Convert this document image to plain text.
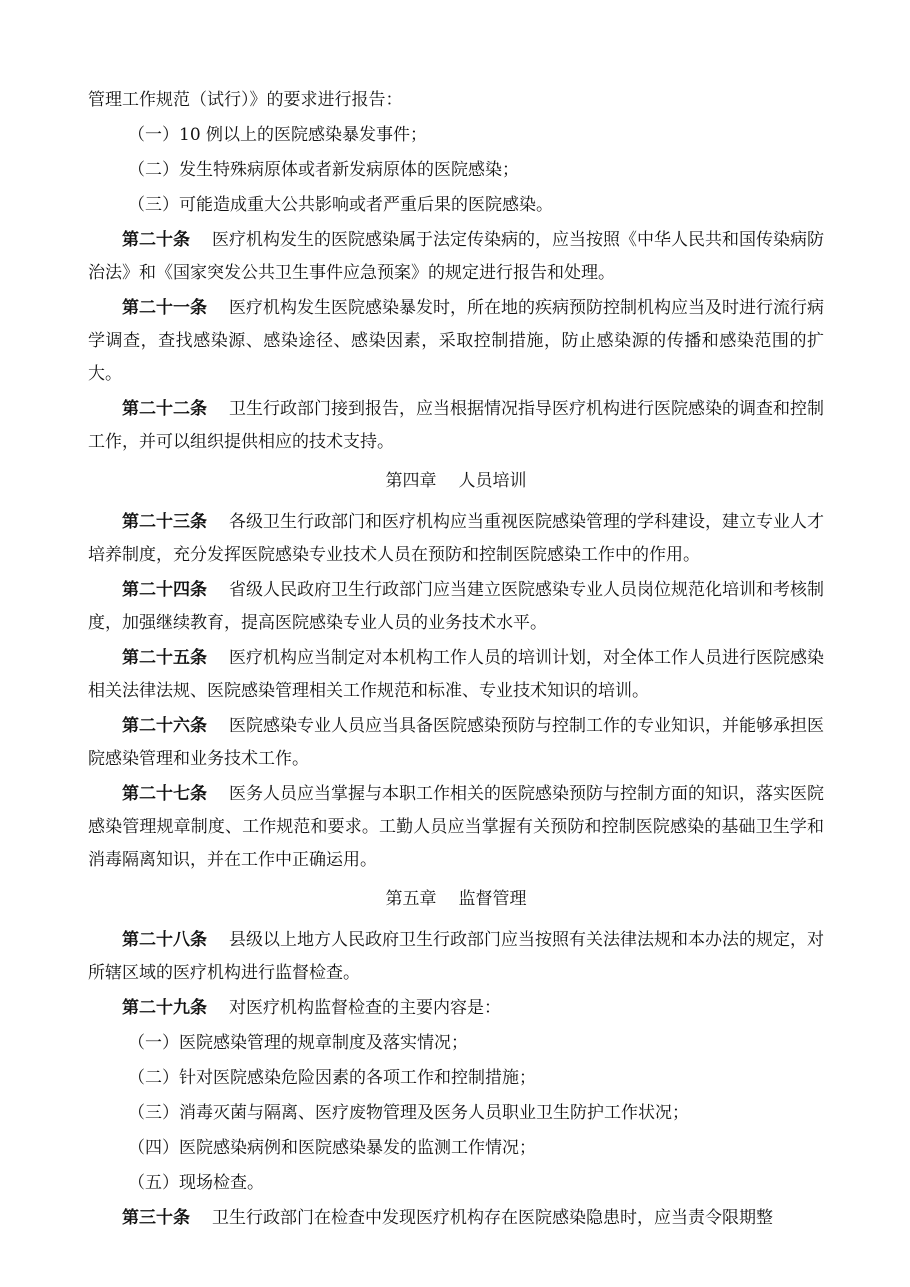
管理工作规范（试行）》的要求进行报告：

（一）10 例以上的医院感染暴发事件；

（二）发生特殊病原体或者新发病原体的医院感染；

（三）可能造成重大公共影响或者严重后果的医院感染。

第二十条 医疗机构发生的医院感染属于法定传染病的，应当按照《中华人民共和国传染病防治法》和《国家突发公共卫生事件应急预案》的规定进行报告和处理。

第二十一条 医疗机构发生医院感染暴发时，所在地的疾病预防控制机构应当及时进行流行病学调查，查找感染源、感染途径、感染因素，采取控制措施，防止感染源的传播和感染范围的扩大。

第二十二条 卫生行政部门接到报告，应当根据情况指导医疗机构进行医院感染的调查和控制工作，并可以组织提供相应的技术支持。

第四章 人员培训

第二十三条 各级卫生行政部门和医疗机构应当重视医院感染管理的学科建设，建立专业人才培养制度，充分发挥医院感染专业技术人员在预防和控制医院感染工作中的作用。

第二十四条 省级人民政府卫生行政部门应当建立医院感染专业人员岗位规范化培训和考核制度，加强继续教育，提高医院感染专业人员的业务技术水平。

第二十五条 医疗机构应当制定对本机构工作人员的培训计划，对全体工作人员进行医院感染相关法律法规、医院感染管理相关工作规范和标准、专业技术知识的培训。

第二十六条 医院感染专业人员应当具备医院感染预防与控制工作的专业知识，并能够承担医院感染管理和业务技术工作。

第二十七条 医务人员应当掌握与本职工作相关的医院感染预防与控制方面的知识，落实医院感染管理规章制度、工作规范和要求。工勤人员应当掌握有关预防和控制医院感染的基础卫生学和消毒隔离知识，并在工作中正确运用。

第五章 监督管理

第二十八条 县级以上地方人民政府卫生行政部门应当按照有关法律法规和本办法的规定，对所辖区域的医疗机构进行监督检查。

第二十九条 对医疗机构监督检查的主要内容是：

（一）医院感染管理的规章制度及落实情况；

（二）针对医院感染危险因素的各项工作和控制措施；

（三）消毒灭菌与隔离、医疗废物管理及医务人员职业卫生防护工作状况；

（四）医院感染病例和医院感染暴发的监测工作情况；

（五）现场检查。

第三十条 卫生行政部门在检查中发现医疗机构存在医院感染隐患时，应当责令限期整
